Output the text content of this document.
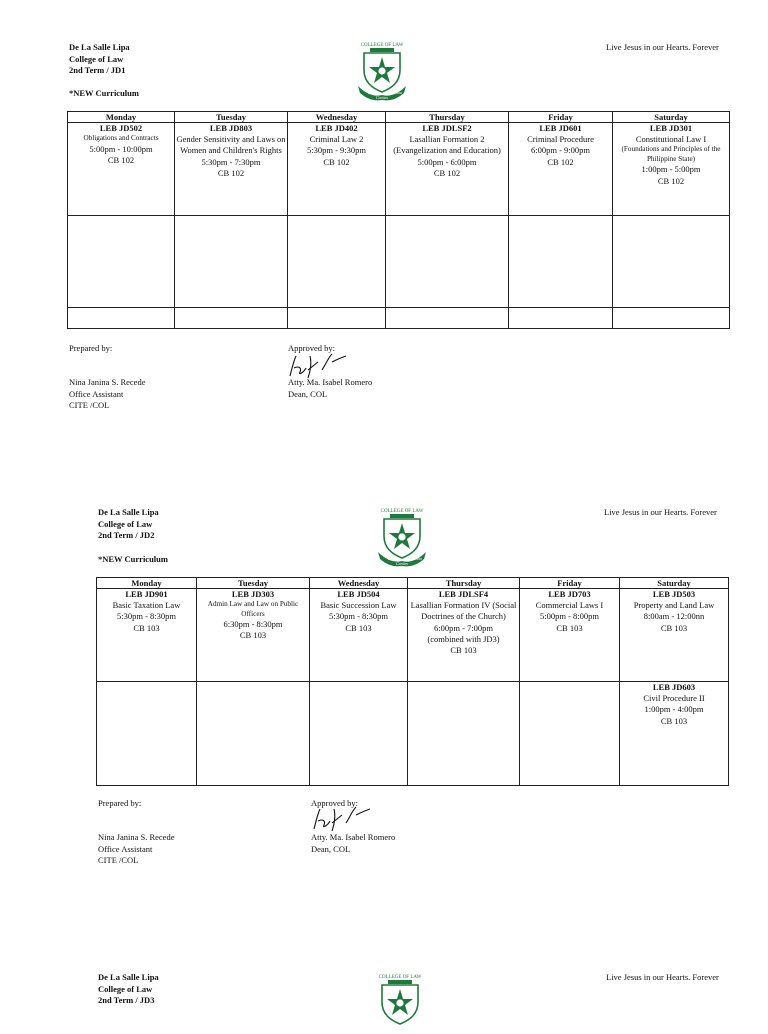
De La Salle Lipa
College of Law
2nd Term / JD1
*NEW Curriculum
Live Jesus in our Hearts. Forever
COLLEGE OF LAW
Fides
Caritas
Scientia
Monday	Tuesday	Wednesday	Thursday	Friday	Saturday

LEB JD502
Obligations and Contracts
5:00pm - 10:00pm
CB 102	LEB JD803
Gender Sensitivity and Laws on Women and Children's Rights
5:30pm - 7:30pm
CB 102	LEB JD402
Criminal Law 2
5:30pm - 9:30pm
CB 102	LEB JDLSF2
Lasallian Formation 2 (Evangelization and Education)
5:00pm - 6:00pm
CB 102	LEB JD601
Criminal Procedure
6:00pm - 9:00pm
CB 102	LEB JD301
Constitutional Law I
(Foundations and Principles of the Philippine State)
1:00pm - 5:00pm
CB 102

Prepared by:
Nina Janina S. Recede
Office Assistant
CITE /COL
Approved by:
Atty. Ma. Isabel Romero
Dean, COL
De La Salle Lipa
College of Law
2nd Term / JD2
*NEW Curriculum
Live Jesus in our Hearts. Forever
COLLEGE OF LAW
Fides
Caritas
Scientia
Monday	Tuesday	Wednesday	Thursday	Friday	Saturday

LEB JD901
Basic Taxation Law
5:30pm - 8:30pm
CB 103	LEB JD303
Admin Law and Law on Public Officers
6:30pm - 8:30pm
CB 103	LEB JD504
Basic Succession Law
5:30pm - 8:30pm
CB 103	LEB JDLSF4
Lasallian Formation IV (Social Doctrines of the Church)
6:00pm - 7:00pm
(combined with JD3)
CB 103	LEB JD703
Commercial Laws I
5:00pm - 8:00pm
CB 103	LEB JD503
Property and Land Law
8:00am - 12:00nn
CB 103

					LEB JD603
Civil Procedure II
1:00pm - 4:00pm
CB 103
Prepared by:
Nina Janina S. Recede
Office Assistant
CITE /COL
Approved by:
Atty. Ma. Isabel Romero
Dean, COL
De La Salle Lipa
College of Law
2nd Term / JD3
Live Jesus in our Hearts. Forever
COLLEGE OF LAW
